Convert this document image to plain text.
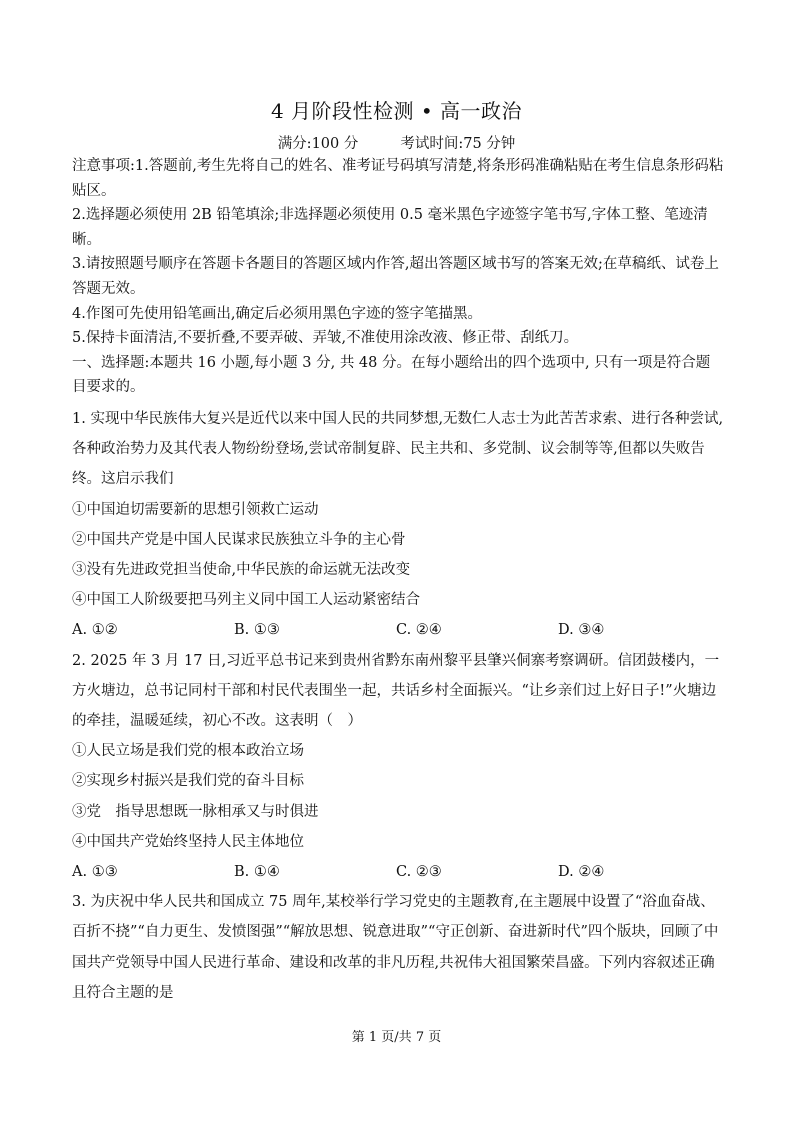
4 月阶段性检测 • 高一政治
满分:100 分	考试时间:75 分钟

注意事项:1.答题前,考生先将自己的姓名、准考证号码填写清楚,将条形码准确粘贴在考生信息条形码粘贴区。

2.选择题必须使用 2B 铅笔填涂;非选择题必须使用 0.5 毫米黑色字迹签字笔书写,字体工整、笔迹清晰。

3.请按照题号顺序在答题卡各题目的答题区域内作答,超出答题区域书写的答案无效;在草稿纸、试卷上答题无效。

4.作图可先使用铅笔画出,确定后必须用黑色字迹的签字笔描黑。

5.保持卡面清洁,不要折叠,不要弄破、弄皱,不准使用涂改液、修正带、刮纸刀。

一、选择题:本题共 16 小题,每小题 3 分, 共 48 分。在每小题给出的四个选项中, 只有一项是符合题目要求的。

1. 实现中华民族伟大复兴是近代以来中国人民的共同梦想,无数仁人志士为此苦苦求索、进行各种尝试,各种政治势力及其代表人物纷纷登场,尝试帝制复辟、民主共和、多党制、议会制等等,但都以失败告终。这启示我们

①中国迫切需要新的思想引领救亡运动

②中国共产党是中国人民谋求民族独立斗争的主心骨

③没有先进政党担当使命,中华民族的命运就无法改变

④中国工人阶级要把马列主义同中国工人运动紧密结合

A. ①②	B. ①③	C. ②④	D. ③④

2. 2025 年 3 月 17 日,习近平总书记来到贵州省黔东南州黎平县肇兴侗寨考察调研。信团鼓楼内，一方火塘边，总书记同村干部和村民代表围坐一起，共话乡村全面振兴。“让乡亲们过上好日子!”火塘边的牵挂，温暖延续，初心不改。这表明（　）

①人民立场是我们党的根本政治立场

②实现乡村振兴是我们党的奋斗目标

③党　指导思想既一脉相承又与时俱进

④中国共产党始终坚持人民主体地位

A. ①③	B. ①④	C. ②③	D. ②④

3. 为庆祝中华人民共和国成立 75 周年,某校举行学习党史的主题教育,在主题展中设置了“浴血奋战、百折不挠”“自力更生、发愤图强”“解放思想、锐意进取”“守正创新、奋进新时代”四个版块，回顾了中国共产党领导中国人民进行革命、建设和改革的非凡历程,共祝伟大祖国繁荣昌盛。下列内容叙述正确且符合主题的是

第 1 页/共 7 页
